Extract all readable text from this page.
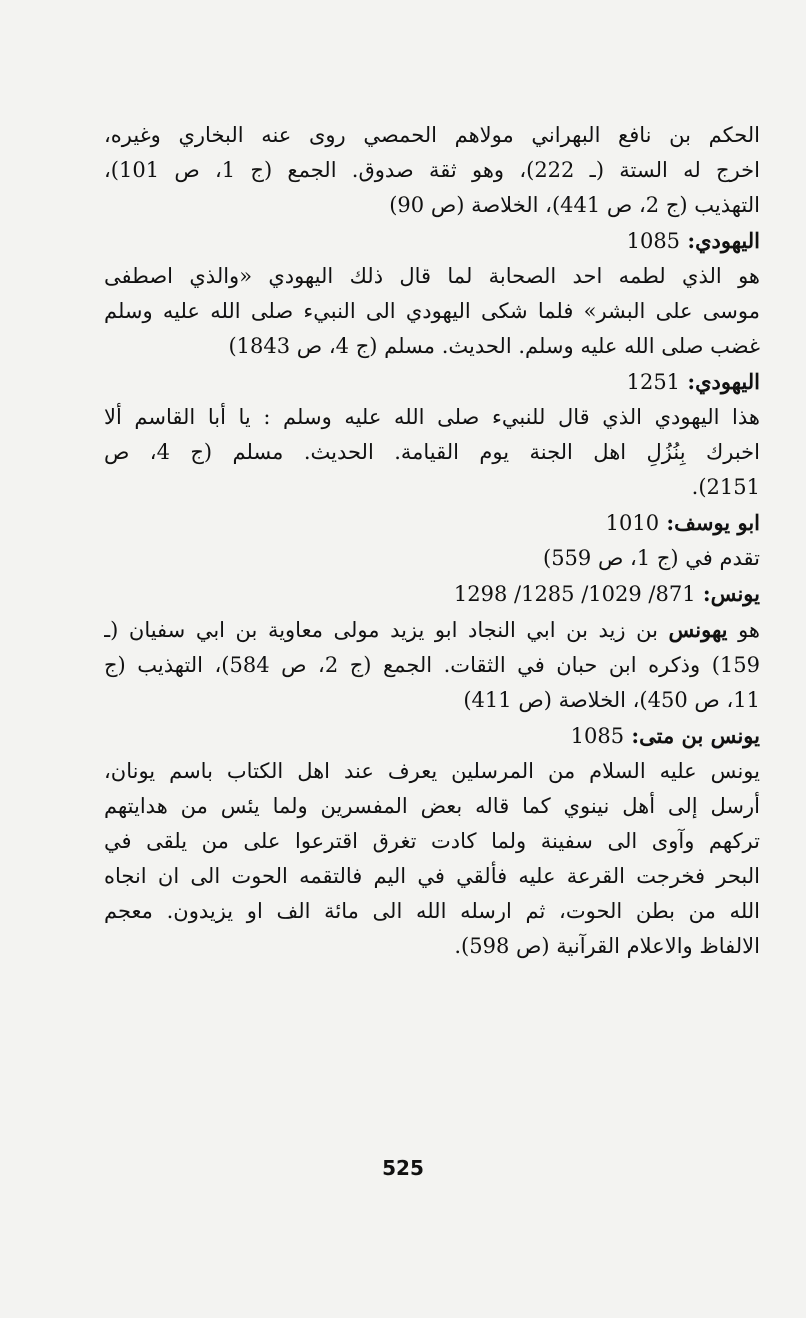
الحكم بن نافع البهراني مولاهم الحمصي روى عنه البخاري وغيره،
اخرج له الستة (ـ 222)، وهو ثقة صدوق. الجمع (ج 1، ص 101)،
التهذيب (ج 2، ص 441)، الخلاصة (ص 90)
اليهودي: 1085
هو الذي لطمه احد الصحابة لما قال ذلك اليهودي «والذي اصطفى
موسى على البشر» فلما شكى اليهودي الى النبيء صلى الله عليه وسلم
غضب صلى الله عليه وسلم. الحديث. مسلم (ج 4، ص 1843)
اليهودي: 1251
هذا اليهودي الذي قال للنبيء صلى الله عليه وسلم : يا أبا القاسم ألا
اخبرك بِنُزُلِ اهل الجنة يوم القيامة. الحديث. مسلم (ج 4، ص
2151).
ابو يوسف: 1010
تقدم في (ج 1، ص 559)
يونس: 871/ 1029/ 1285/ 1298
هو يهونس بن زيد بن ابي النجاد ابو يزيد مولى معاوية بن ابي سفيان (ـ
159) وذكره ابن حبان في الثقات. الجمع (ج 2، ص 584)، التهذيب (ج
11، ص 450)، الخلاصة (ص 411)
يونس بن متى: 1085
يونس عليه السلام من المرسلين يعرف عند اهل الكتاب باسم يونان،
أرسل إلى أهل نينوي كما قاله بعض المفسرين ولما يئس من هدايتهم
تركهم وآوى الى سفينة ولما كادت تغرق اقترعوا على من يلقى في
البحر فخرجت القرعة عليه فألقي في اليم فالتقمه الحوت الى ان انجاه
الله من بطن الحوت، ثم ارسله الله الى مائة الف او يزيدون. معجم
الالفاظ والاعلام القرآنية (ص 598).
525
